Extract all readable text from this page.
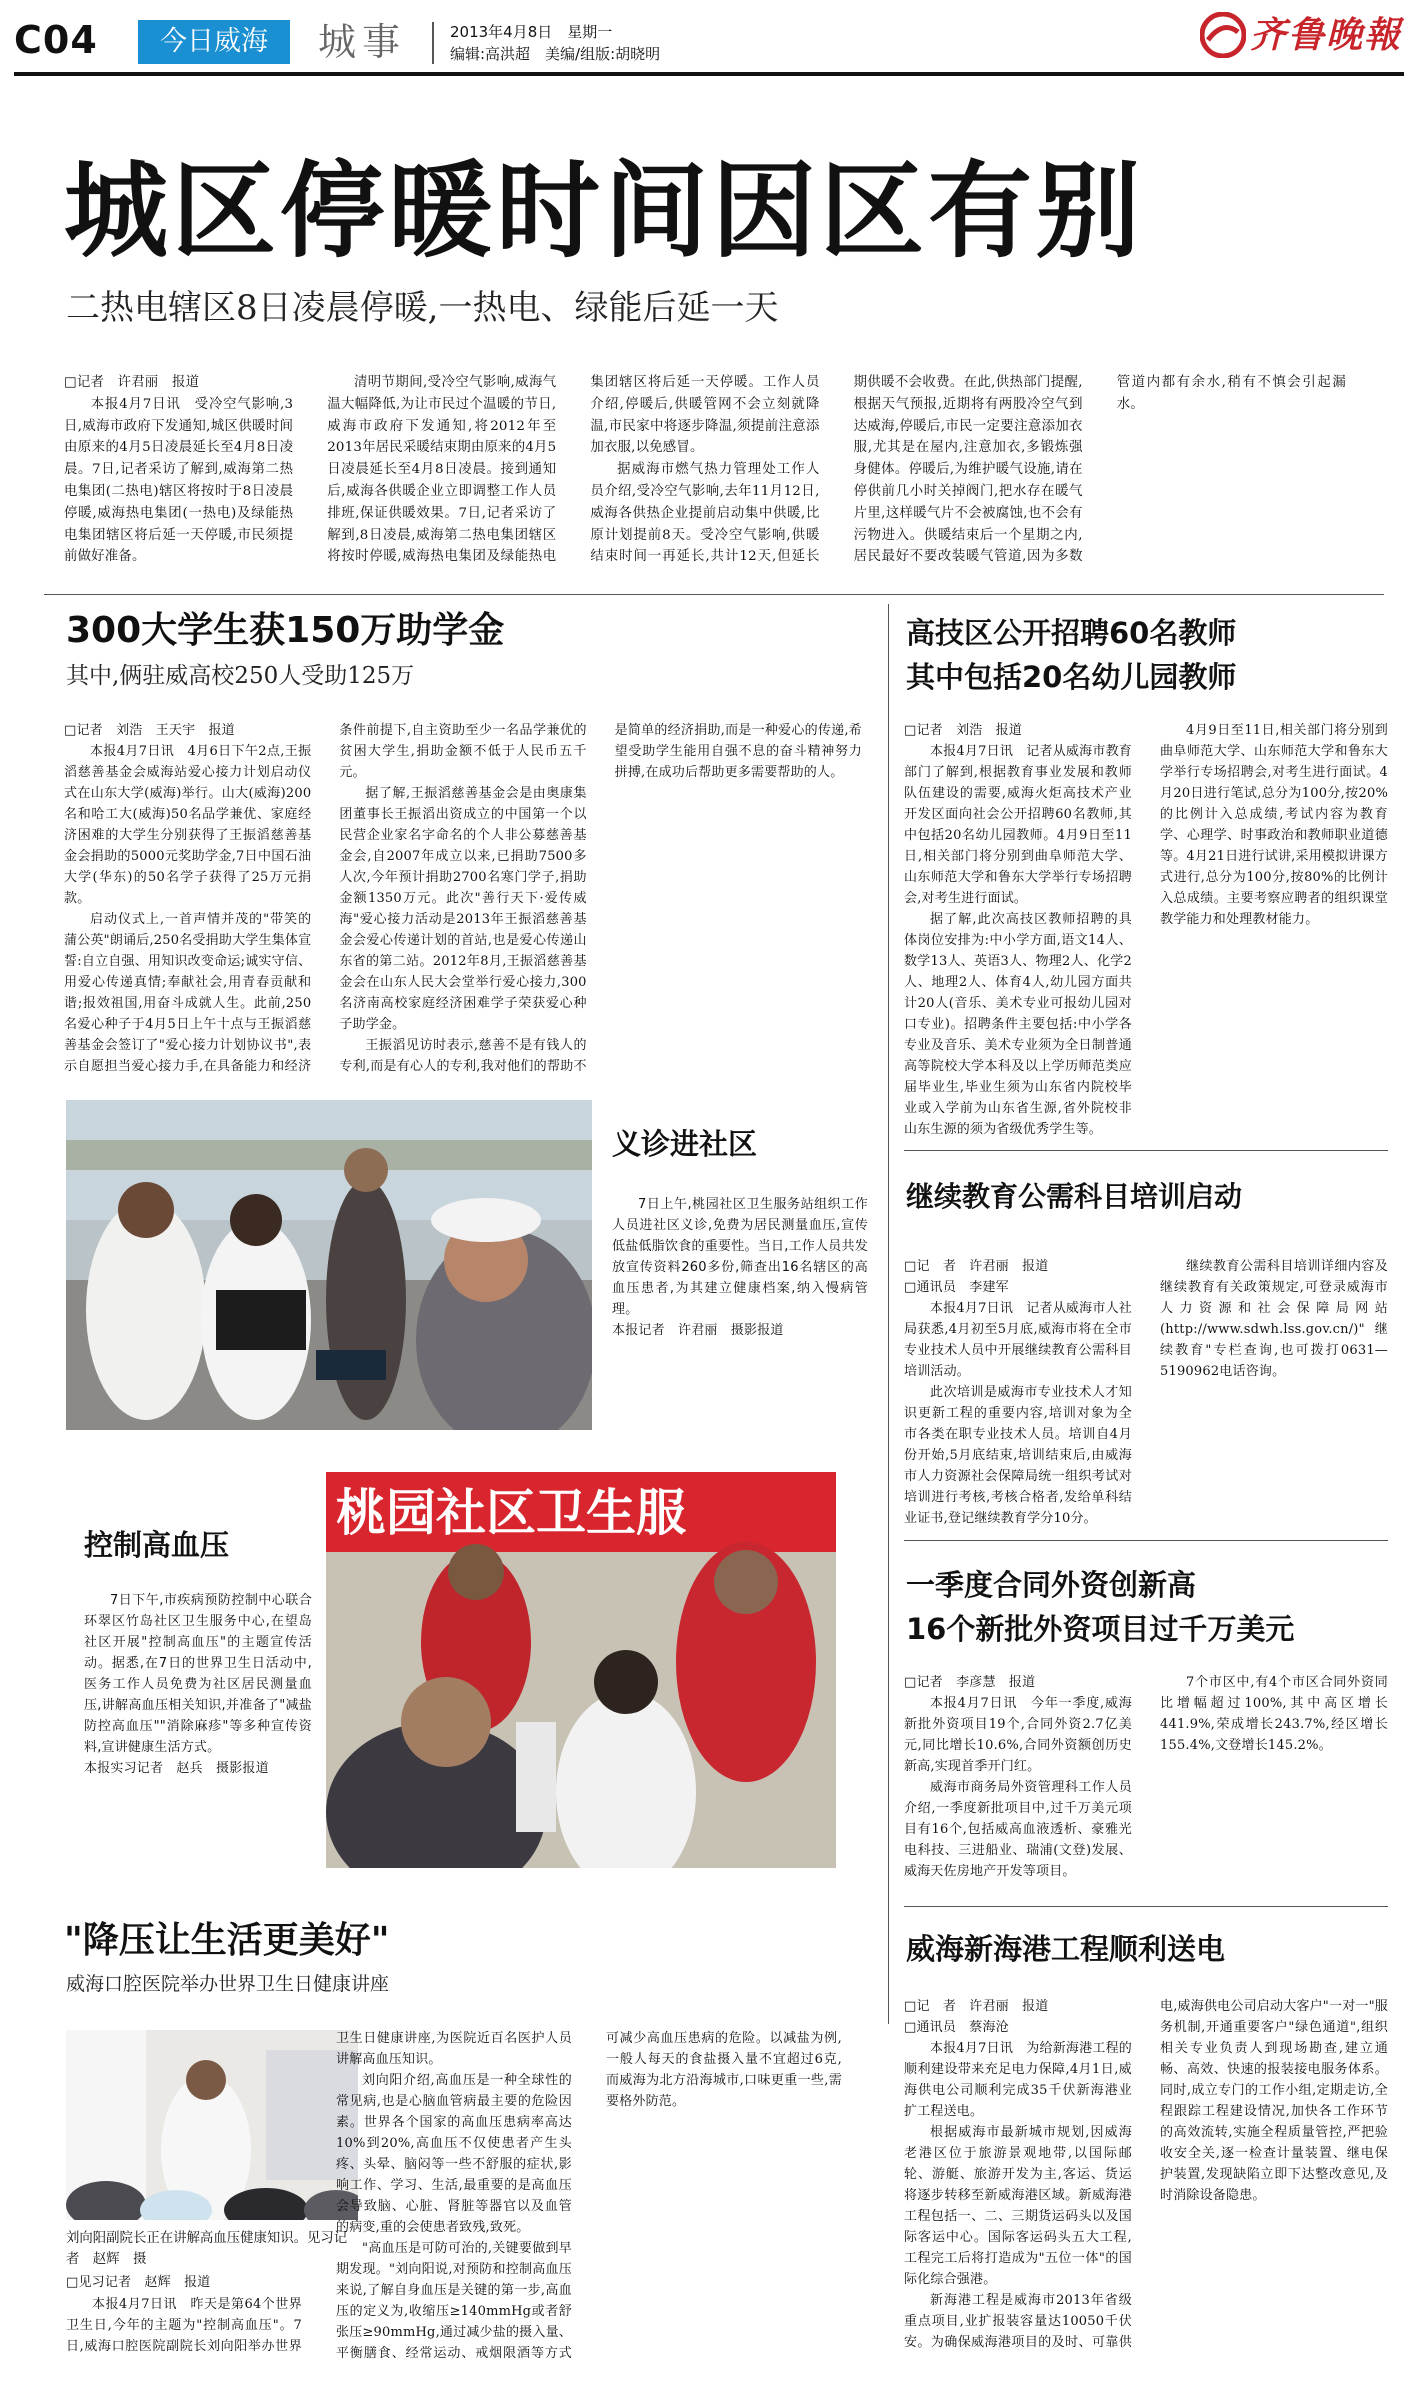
C04	今日威海	城事	2013年4月8日　星期一
编辑:高洪超　美编/组版:胡晓明	齐鲁晚報
城区停暖时间因区有别
二热电辖区8日凌晨停暖,一热电、绿能后延一天

□记者　许君丽　报道

本报4月7日讯　受冷空气影响,3日,威海市政府下发通知,城区供暖时间由原来的4月5日凌晨延长至4月8日凌晨。7日,记者采访了解到,威海第二热电集团(二热电)辖区将按时于8日凌晨停暖,威海热电集团(一热电)及绿能热电集团辖区将后延一天停暖,市民须提前做好准备。

清明节期间,受冷空气影响,威海气温大幅降低,为让市民过个温暖的节日,威海市政府下发通知,将2012年至2013年居民采暖结束期由原来的4月5日凌晨延长至4月8日凌晨。接到通知后,威海各供暖企业立即调整工作人员排班,保证供暖效果。7日,记者采访了解到,8日凌晨,威海第二热电集团辖区将按时停暖,威海热电集团及绿能热电集团辖区将后延一天停暖。工作人员介绍,停暖后,供暖管网不会立刻就降温,市民家中将逐步降温,须提前注意添加衣服,以免感冒。

据威海市燃气热力管理处工作人员介绍,受冷空气影响,去年11月12日,威海各供热企业提前启动集中供暖,比原计划提前8天。受冷空气影响,供暖结束时间一再延长,共计12天,但延长期供暖不会收费。在此,供热部门提醒,根据天气预报,近期将有两股冷空气到达威海,停暖后,市民一定要注意添加衣服,尤其是在屋内,注意加衣,多锻炼强身健体。停暖后,为维护暖气设施,请在停供前几小时关掉阀门,把水存在暖气片里,这样暖气片不会被腐蚀,也不会有污物进入。供暖结束后一个星期之内,居民最好不要改装暖气管道,因为多数管道内都有余水,稍有不慎会引起漏水。

300大学生获150万助学金
其中,俩驻威高校250人受助125万

□记者　刘浩　王天宇　报道

本报4月7日讯　4月6日下午2点,王振滔慈善基金会威海站爱心接力计划启动仪式在山东大学(威海)举行。山大(威海)200名和哈工大(威海)50名品学兼优、家庭经济困难的大学生分别获得了王振滔慈善基金会捐助的5000元奖助学金,7日中国石油大学(华东)的50名学子获得了25万元捐款。

启动仪式上,一首声情并茂的"带笑的蒲公英"朗诵后,250名受捐助大学生集体宣誓:自立自强、用知识改变命运;诚实守信、用爱心传递真情;奉献社会,用青春贡献和谐;报效祖国,用奋斗成就人生。此前,250名爱心种子于4月5日上午十点与王振滔慈善基金会签订了"爱心接力计划协议书",表示自愿担当爱心接力手,在具备能力和经济条件前提下,自主资助至少一名品学兼优的贫困大学生,捐助金额不低于人民币五千元。

据了解,王振滔慈善基金会是由奥康集团董事长王振滔出资成立的中国第一个以民营企业家名字命名的个人非公募慈善基金会,自2007年成立以来,已捐助7500多人次,今年预计捐助2700名寒门学子,捐助金额1350万元。此次"善行天下·爱传威海"爱心接力活动是2013年王振滔慈善基金会爱心传递计划的首站,也是爱心传递山东省的第二站。2012年8月,王振滔慈善基金会在山东人民大会堂举行爱心接力,300名济南高校家庭经济困难学子荣获爱心种子助学金。

王振滔见访时表示,慈善不是有钱人的专利,而是有心人的专利,我对他们的帮助不是简单的经济捐助,而是一种爱心的传递,希望受助学生能用自强不息的奋斗精神努力拼搏,在成功后帮助更多需要帮助的人。

高技区公开招聘60名教师
其中包括20名幼儿园教师

□记者　刘浩　报道

本报4月7日讯　记者从威海市教育部门了解到,根据教育事业发展和教师队伍建设的需要,威海火炬高技术产业开发区面向社会公开招聘60名教师,其中包括20名幼儿园教师。4月9日至11日,相关部门将分别到曲阜师范大学、山东师范大学和鲁东大学举行专场招聘会,对考生进行面试。

据了解,此次高技区教师招聘的具体岗位安排为:中小学方面,语文14人、数学13人、英语3人、物理2人、化学2人、地理2人、体育4人,幼儿园方面共计20人(音乐、美术专业可报幼儿园对口专业)。招聘条件主要包括:中小学各专业及音乐、美术专业须为全日制普通高等院校大学本科及以上学历师范类应届毕业生,毕业生须为山东省内院校毕业或入学前为山东省生源,省外院校非山东生源的须为省级优秀学生等。

4月9日至11日,相关部门将分别到曲阜师范大学、山东师范大学和鲁东大学举行专场招聘会,对考生进行面试。4月20日进行笔试,总分为100分,按20%的比例计入总成绩,考试内容为教育学、心理学、时事政治和教师职业道德等。4月21日进行试讲,采用模拟讲课方式进行,总分为100分,按80%的比例计入总成绩。主要考察应聘者的组织课堂教学能力和处理教材能力。

义诊进社区

7日上午,桃园社区卫生服务站组织工作人员进社区义诊,免费为居民测量血压,宣传低盐低脂饮食的重要性。当日,工作人员共发放宣传资料260多份,筛查出16名辖区的高血压患者,为其建立健康档案,纳入慢病管理。

本报记者　许君丽　摄影报道

继续教育公需科目培训启动

□记　者　许君丽　报道

□通讯员　李建军

本报4月7日讯　记者从威海市人社局获悉,4月初至5月底,威海市将在全市专业技术人员中开展继续教育公需科目培训活动。

此次培训是威海市专业技术人才知识更新工程的重要内容,培训对象为全市各类在职专业技术人员。培训自4月份开始,5月底结束,培训结束后,由威海市人力资源社会保障局统一组织考试对培训进行考核,考核合格者,发给单科结业证书,登记继续教育学分10分。

继续教育公需科目培训详细内容及继续教育有关政策规定,可登录威海市人力资源和社会保障局网站(http://www.sdwh.lss.gov.cn/)"继续教育"专栏查询,也可拨打0631—5190962电话咨询。

控制高血压

7日下午,市疾病预防控制中心联合环翠区竹岛社区卫生服务中心,在望岛社区开展"控制高血压"的主题宣传活动。据悉,在7日的世界卫生日活动中,医务工作人员免费为社区居民测量血压,讲解高血压相关知识,并准备了"减盐防控高血压""消除麻疹"等多种宣传资料,宣讲健康生活方式。

本报实习记者　赵兵　摄影报道

桃园社区卫生服
一季度合同外资创新高
16个新批外资项目过千万美元

□记者　李彦慧　报道

本报4月7日讯　今年一季度,威海新批外资项目19个,合同外资2.7亿美元,同比增长10.6%,合同外资额创历史新高,实现首季开门红。

威海市商务局外资管理科工作人员介绍,一季度新批项目中,过千万美元项目有16个,包括威高血液透析、豪雅光电科技、三进船业、瑞浦(文登)发展、威海天佐房地产开发等项目。

7个市区中,有4个市区合同外资同比增幅超过100%,其中高区增长441.9%,荣成增长243.7%,经区增长155.4%,文登增长145.2%。

"降压让生活更美好"
威海口腔医院举办世界卫生日健康讲座
刘向阳副院长正在讲解高血压健康知识。见习记者　赵辉　摄

□见习记者　赵辉　报道

本报4月7日讯　昨天是第64个世界卫生日,今年的主题为"控制高血压"。7日,威海口腔医院副院长刘向阳举办世界卫生日健康讲座,为医院近百名医护人员讲解高血压知识。

刘向阳介绍,高血压是一种全球性的常见病,也是心脑血管病最主要的危险因素。世界各个国家的高血压患病率高达10%到20%,高血压不仅使患者产生头疼、头晕、脑闷等一些不舒服的症状,影响工作、学习、生活,最重要的是高血压会导致脑、心脏、肾脏等器官以及血管的病变,重的会使患者致残,致死。

"高血压是可防可治的,关键要做到早期发现。"刘向阳说,对预防和控制高血压来说,了解自身血压是关键的第一步,高血压的定义为,收缩压≥140mmHg或者舒张压≥90mmHg,通过减少盐的摄入量、平衡膳食、经常运动、戒烟限酒等方式可减少高血压患病的危险。以减盐为例,一般人每天的食盐摄入量不宜超过6克,而威海为北方沿海城市,口味更重一些,需要格外防范。

威海新海港工程顺利送电

□记　者　许君丽　报道

□通讯员　蔡海沧

本报4月7日讯　为给新海港工程的顺利建设带来充足电力保障,4月1日,威海供电公司顺利完成35千伏新海港业扩工程送电。

根据威海市最新城市规划,因威海老港区位于旅游景观地带,以国际邮轮、游艇、旅游开发为主,客运、货运将逐步转移至新威海港区域。新威海港工程包括一、二、三期货运码头以及国际客运中心。国际客运码头五大工程,工程完工后将打造成为"五位一体"的国际化综合强港。

新海港工程是威海市2013年省级重点项目,业扩报装容量达10050千伏安。为确保威海港项目的及时、可靠供电,威海供电公司启动大客户"一对一"服务机制,开通重要客户"绿色通道",组织相关专业负责人到现场勘查,建立通畅、高效、快速的报装接电服务体系。同时,成立专门的工作小组,定期走访,全程跟踪工程建设情况,加快各工作环节的高效流转,实施全程质量管控,严把验收安全关,逐一检查计量装置、继电保护装置,发现缺陷立即下达整改意见,及时消除设备隐患。
